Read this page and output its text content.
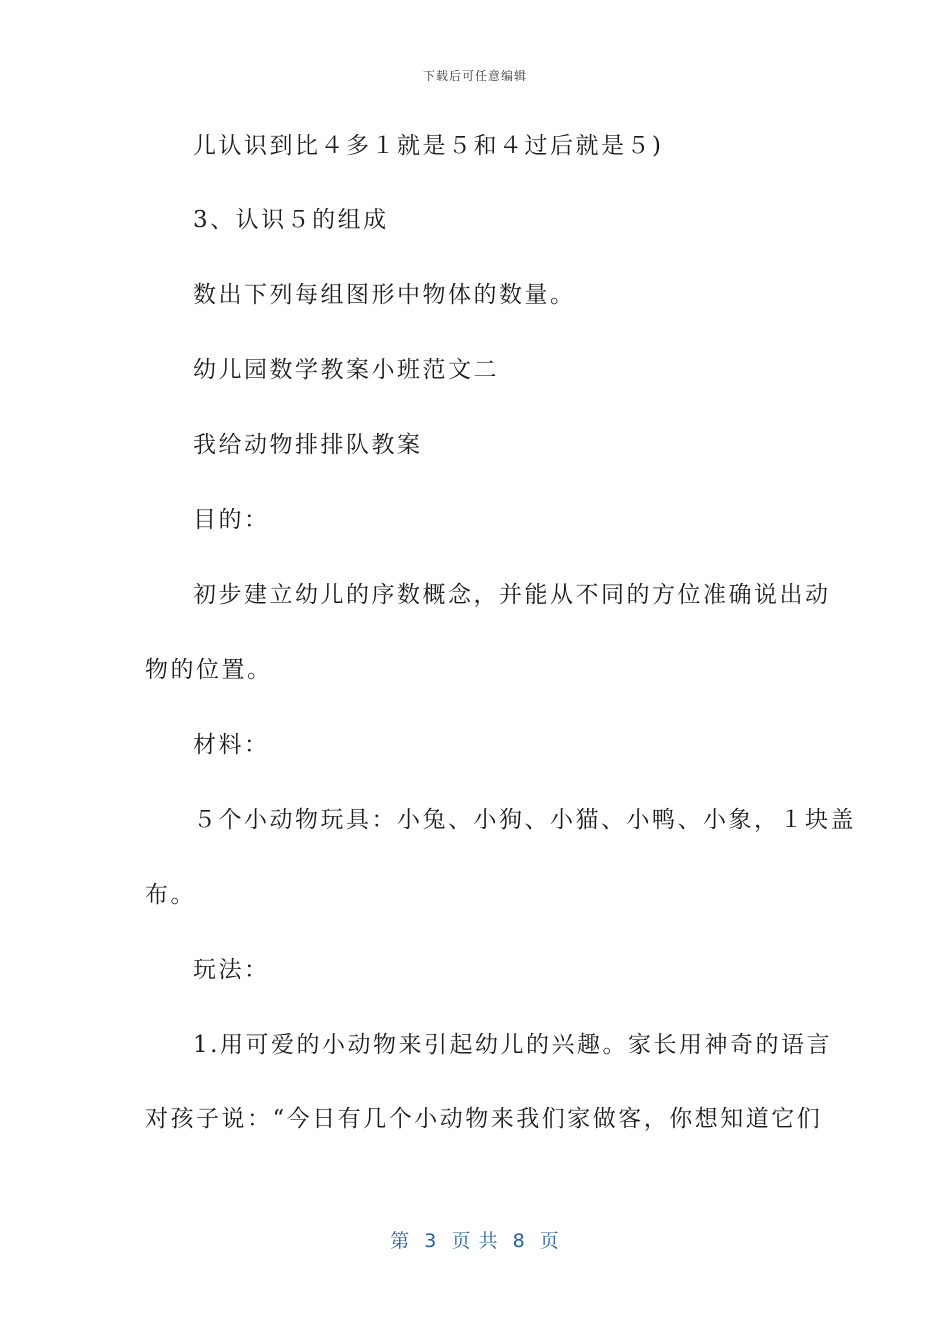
下载后可任意编辑
儿认识到比４多１就是５和４过后就是５)
3、认识５的组成
数出下列每组图形中物体的数量。
幼儿园数学教案小班范文二
我给动物排排队教案
目的：
初步建立幼儿的序数概念，并能从不同的方位准确说出动
物的位置。
材料：
５个小动物玩具：小兔、小狗、小猫、小鸭、小象，１块盖
布。
玩法：
1.用可爱的小动物来引起幼儿的兴趣。家长用神奇的语言
对孩子说：“今日有几个小动物来我们家做客，你想知道它们
第  3  页 共  8  页
